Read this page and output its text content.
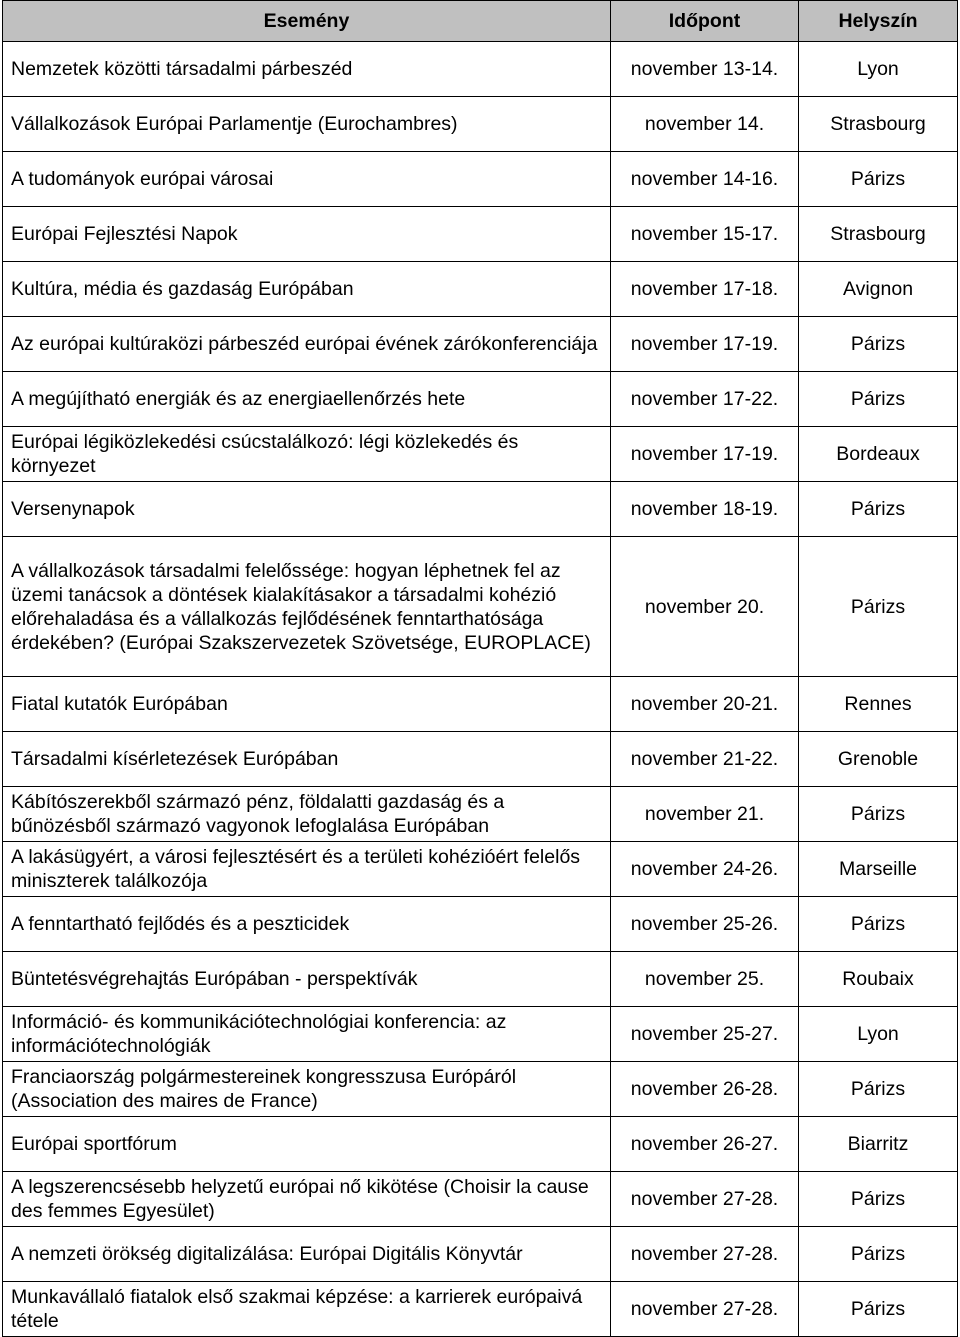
Esemény	Időpont	Helyszín
Nemzetek közötti társadalmi párbeszéd	november 13-14.	Lyon
Vállalkozások Európai Parlamentje (Eurochambres)	november 14.	Strasbourg
A tudományok európai városai	november 14-16.	Párizs
Európai Fejlesztési Napok	november 15-17.	Strasbourg
Kultúra, média és gazdaság Európában	november 17-18.	Avignon
Az európai kultúraközi párbeszéd európai évének zárókonferenciája	november 17-19.	Párizs
A megújítható energiák és az energiaellenőrzés hete	november 17-22.	Párizs
Európai légiközlekedési csúcstalálkozó: légi közlekedés és környezet	november 17-19.	Bordeaux
Versenynapok	november 18-19.	Párizs
A vállalkozások társadalmi felelőssége: hogyan léphetnek fel az üzemi tanácsok a döntések kialakításakor a társadalmi kohézió előrehaladása és a vállalkozás fejlődésének fenntarthatósága érdekében? (Európai Szakszervezetek Szövetsége, EUROPLACE)	november 20.	Párizs
Fiatal kutatók Európában	november 20-21.	Rennes
Társadalmi kísérletezések Európában	november 21-22.	Grenoble
Kábítószerekből származó pénz, földalatti gazdaság és a bűnözésből származó vagyonok lefoglalása Európában	november 21.	Párizs
A lakásügyért, a városi fejlesztésért és a területi kohézióért felelős miniszterek találkozója	november 24-26.	Marseille
A fenntartható fejlődés és a peszticidek	november 25-26.	Párizs
Büntetésvégrehajtás Európában - perspektívák	november 25.	Roubaix
Információ- és kommunikációtechnológiai konferencia: az információtechnológiák	november 25-27.	Lyon
Franciaország polgármestereinek kongresszusa Európáról (Association des maires de France)	november 26-28.	Párizs
Európai sportfórum	november 26-27.	Biarritz
A legszerencsésebb helyzetű európai nő kikötése (Choisir la cause des femmes Egyesület)	november 27-28.	Párizs
A nemzeti örökség digitalizálása: Európai Digitális Könyvtár	november 27-28.	Párizs
Munkavállaló fiatalok első szakmai képzése: a karrierek európaivá tétele	november 27-28.	Párizs
